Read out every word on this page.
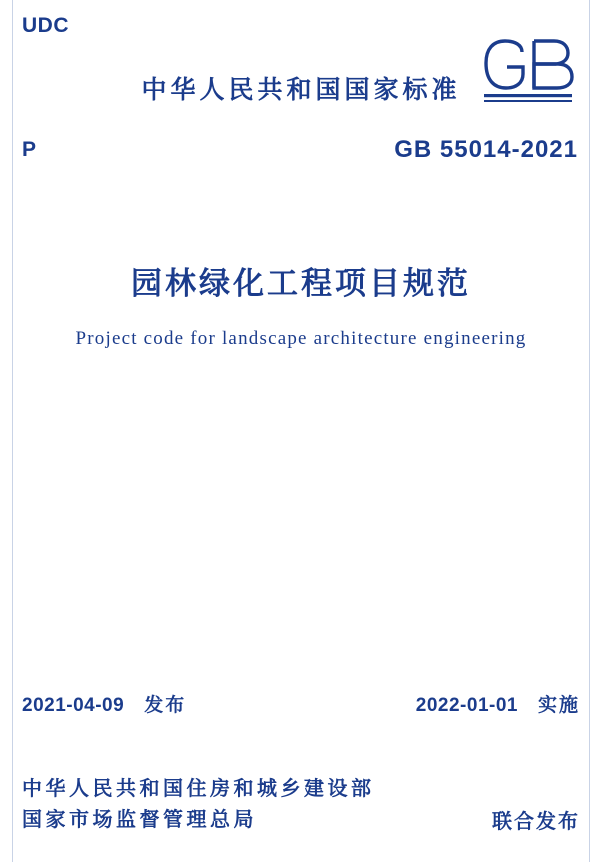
UDC
中华人民共和国国家标准
P	GB 55014-2021
园林绿化工程项目规范
Project code for landscape architecture engineering
2021-04-09 发布	2022-01-01 实施
中华人民共和国住房和城乡建设部
国家市场监督管理总局	联合发布
